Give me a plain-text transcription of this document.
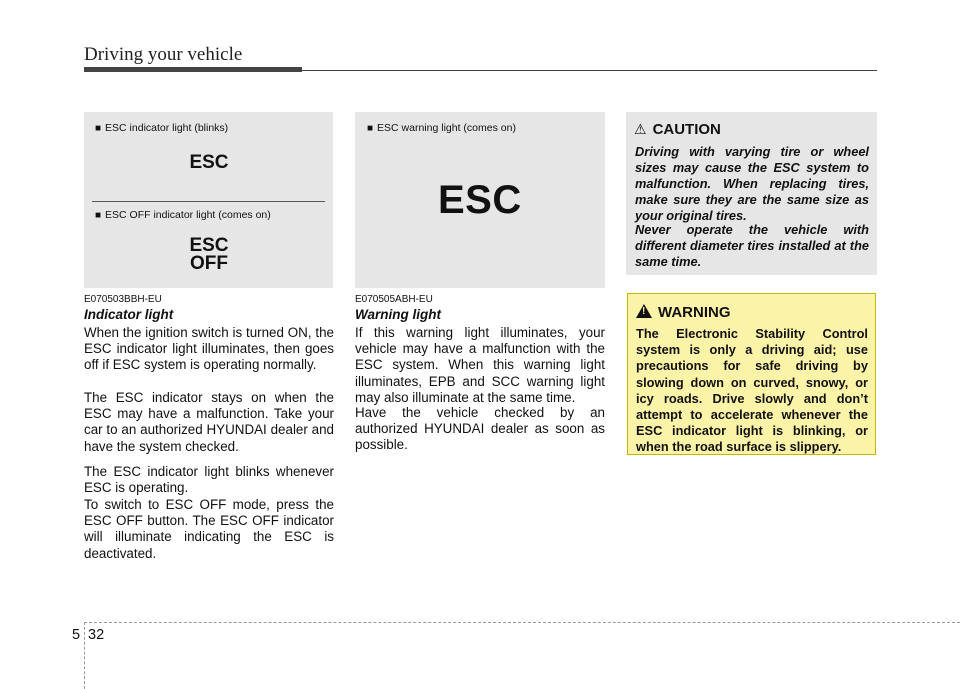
Driving your vehicle
■ ESC indicator light (blinks)
ESC
■ ESC OFF indicator light (comes on)
ESC
OFF
■ ESC warning light (comes on)
ESC
⚠ CAUTION

Driving with varying tire or wheel sizes may cause the ESC system to malfunction. When replacing tires, make sure they are the same size as your original tires.

Never operate the vehicle with different diameter tires installed at the same time.

!WARNING

The Electronic Stability Control system is only a driving aid; use precautions for safe driving by slowing down on curved, snowy, or icy roads. Drive slowly and don’t attempt to accelerate whenever the ESC indicator light is blinking, or when the road surface is slippery.

E070503BBH-EU
Indicator light

When the ignition switch is turned ON, the ESC indicator light illuminates, then goes off if ESC system is operating normally.

The ESC indicator stays on when the ESC may have a malfunction. Take your car to an authorized HYUNDAI dealer and have the system checked.

The ESC indicator light blinks whenever ESC is operating.

To switch to ESC OFF mode, press the ESC OFF button. The ESC OFF indicator will illuminate indicating the ESC is deactivated.

E070505ABH-EU
Warning light

If this warning light illuminates, your vehicle may have a malfunction with the ESC system. When this warning light illuminates, EPB and SCC warning light may also illuminate at the same time.

Have the vehicle checked by an authorized HYUNDAI dealer as soon as possible.

5 32
